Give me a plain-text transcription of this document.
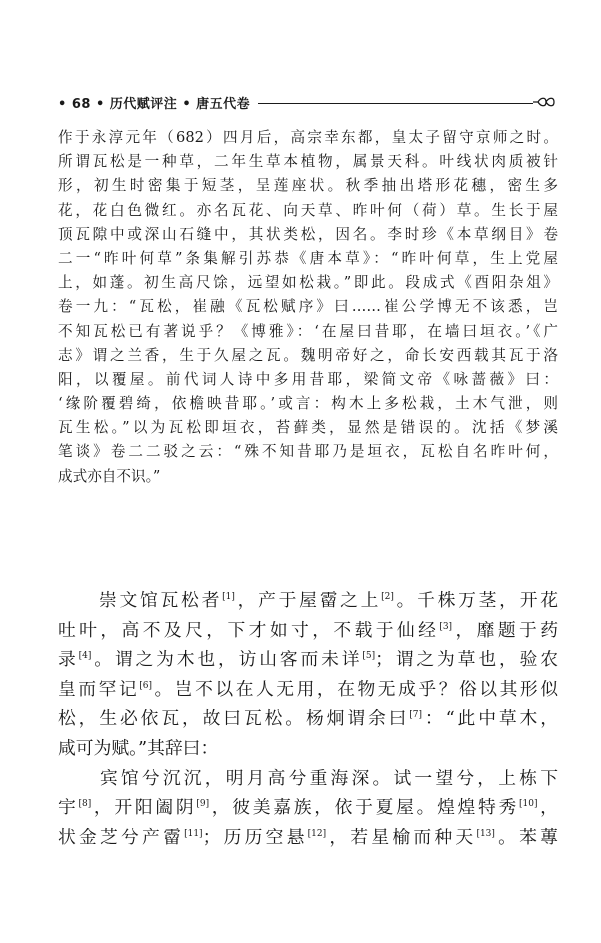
• 68 • 历代赋评注 • 唐五代卷
作于永淳元年（682）四月后，高宗幸东都，皇太子留守京师之时。
所谓瓦松是一种草，二年生草本植物，属景天科。叶线状肉质被针
形，初生时密集于短茎，呈莲座状。秋季抽出塔形花穗，密生多
花，花白色微红。亦名瓦花、向天草、昨叶何（荷）草。生长于屋
顶瓦隙中或深山石缝中，其状类松，因名。李时珍《本草纲目》卷
二一“昨叶何草”条集解引苏恭《唐本草》：“昨叶何草，生上党屋
上，如蓬。初生高尺馀，远望如松栽。”即此。段成式《酉阳杂俎》
卷一九：“瓦松，崔融《瓦松赋序》曰……崔公学博无不该悉，岂
不知瓦松已有著说乎？《博雅》：‘在屋曰昔耶，在墙曰垣衣。’《广
志》谓之兰香，生于久屋之瓦。魏明帝好之，命长安西载其瓦于洛
阳，以覆屋。前代词人诗中多用昔耶，梁简文帝《咏蔷薇》曰：
‘缘阶覆碧绮，依檐映昔耶。’或言：构木上多松栽，土木气泄，则
瓦生松。”以为瓦松即垣衣，苔藓类，显然是错误的。沈括《梦溪
笔谈》卷二二驳之云：“殊不知昔耶乃是垣衣，瓦松自名昨叶何，
成式亦自不识。”
　　崇文馆瓦松者[1]，产于屋霤之上[2]。千株万茎，开花
吐叶，高不及尺，下才如寸，不载于仙经[3]，靡题于药
录[4]。谓之为木也，访山客而未详[5]；谓之为草也，验农
皇而罕记[6]。岂不以在人无用，在物无成乎？俗以其形似
松，生必依瓦，故曰瓦松。杨炯谓余曰[7]：“此中草木，
咸可为赋。”其辞曰：
　　宾馆兮沉沉，明月高兮重海深。试一望兮，上栋下
宇[8]，开阳阖阴[9]，彼美嘉族，依于夏屋。煌煌特秀[10]，
状金芝兮产霤[11]；历历空悬[12]，若星榆而种天[13]。苯蓴
